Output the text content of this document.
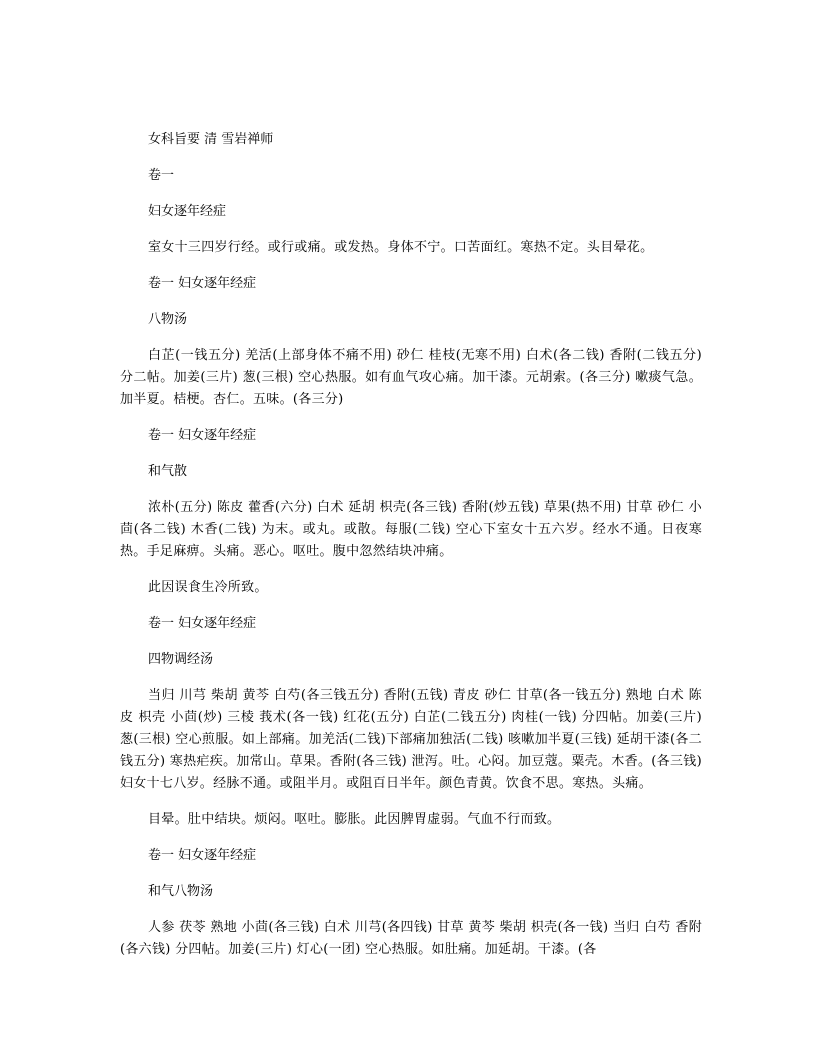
女科旨要 清 雪岩禅师
卷一
妇女逐年经症
室女十三四岁行经。或行或痛。或发热。身体不宁。口苦面红。寒热不定。头目晕花。
卷一 妇女逐年经症
八物汤
白芷(一钱五分) 羌活(上部身体不痛不用) 砂仁 桂枝(无寒不用) 白术(各二钱) 香附(二钱五分) 分二帖。加姜(三片) 葱(三根) 空心热服。如有血气攻心痛。加干漆。元胡索。(各三分) 嗽痰气急。加半夏。桔梗。杏仁。五味。(各三分)
卷一 妇女逐年经症
和气散
浓朴(五分) 陈皮 藿香(六分) 白术 延胡 枳壳(各三钱) 香附(炒五钱) 草果(热不用) 甘草 砂仁 小茴(各二钱) 木香(二钱) 为末。或丸。或散。每服(二钱) 空心下室女十五六岁。经水不通。日夜寒热。手足麻痹。头痛。恶心。呕吐。腹中忽然结块冲痛。
此因误食生冷所致。
卷一 妇女逐年经症
四物调经汤
当归 川芎 柴胡 黄芩 白芍(各三钱五分) 香附(五钱) 青皮 砂仁 甘草(各一钱五分) 熟地 白术 陈皮 枳壳 小茴(炒) 三棱 莪术(各一钱) 红花(五分) 白芷(二钱五分) 肉桂(一钱) 分四帖。加姜(三片) 葱(三根) 空心煎服。如上部痛。加羌活(二钱)下部痛加独活(二钱) 咳嗽加半夏(三钱) 延胡干漆(各二钱五分) 寒热疟疾。加常山。草果。香附(各三钱) 泄泻。吐。心闷。加豆蔻。粟壳。木香。(各三钱)妇女十七八岁。经脉不通。或阻半月。或阻百日半年。颜色青黄。饮食不思。寒热。头痛。
目晕。肚中结块。烦闷。呕吐。膨胀。此因脾胃虚弱。气血不行而致。
卷一 妇女逐年经症
和气八物汤
人参 茯苓 熟地 小茴(各三钱) 白术 川芎(各四钱) 甘草 黄芩 柴胡 枳壳(各一钱) 当归 白芍 香附(各六钱) 分四帖。加姜(三片) 灯心(一团) 空心热服。如肚痛。加延胡。干漆。(各
